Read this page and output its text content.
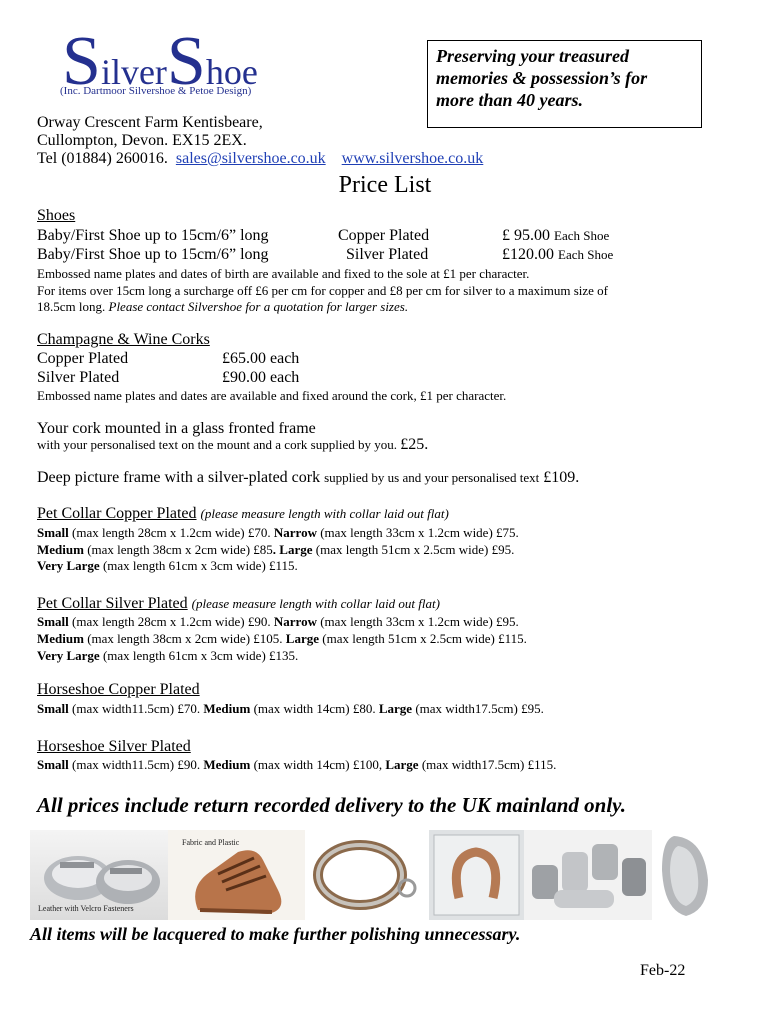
SilverShoe
(Inc. Dartmoor Silvershoe & Petoe Design)
Preserving your treasured
memories & possession’s for
more than 40 years.
Orway Crescent Farm Kentisbeare,
Cullompton, Devon. EX15 2EX.
Tel (01884) 260016. sales@silvershoe.co.uk www.silvershoe.co.uk
Price List
Shoes
Baby/First Shoe up to 15cm/6” long	Copper Plated	£ 95.00 Each Shoe
Baby/First Shoe up to 15cm/6” long	Silver Plated	£120.00 Each Shoe
Embossed name plates and dates of birth are available and fixed to the sole at £1 per character.
For items over 15cm long a surcharge off £6 per cm for copper and £8 per cm for silver to a maximum size of
18.5cm long. Please contact Silvershoe for a quotation for larger sizes.
Champagne & Wine Corks
Copper Plated	£65.00 each
Silver Plated	£90.00 each
Embossed name plates and dates are available and fixed around the cork, £1 per character.
Your cork mounted in a glass fronted frame
with your personalised text on the mount and a cork supplied by you. £25.
Deep picture frame with a silver-plated cork supplied by us and your personalised text £109.
Pet Collar Copper Plated (please measure length with collar laid out flat)
Small (max length 28cm x 1.2cm wide) £70. Narrow (max length 33cm x 1.2cm wide) £75.
Medium (max length 38cm x 2cm wide) £85. Large (max length 51cm x 2.5cm wide) £95.
Very Large (max length 61cm x 3cm wide) £115.
Pet Collar Silver Plated (please measure length with collar laid out flat)
Small (max length 28cm x 1.2cm wide) £90. Narrow (max length 33cm x 1.2cm wide) £95.
Medium (max length 38cm x 2cm wide) £105. Large (max length 51cm x 2.5cm wide) £115.
Very Large (max length 61cm x 3cm wide) £135.
Horseshoe Copper Plated
Small (max width11.5cm) £70. Medium (max width 14cm) £80. Large (max width17.5cm) £95.
Horseshoe Silver Plated
Small (max width11.5cm) £90. Medium (max width 14cm) £100, Large (max width17.5cm) £115.
All prices include return recorded delivery to the UK mainland only.
Leather with Velcro Fasteners
Fabric and Plastic
All items will be lacquered to make further polishing unnecessary.
Feb-22
